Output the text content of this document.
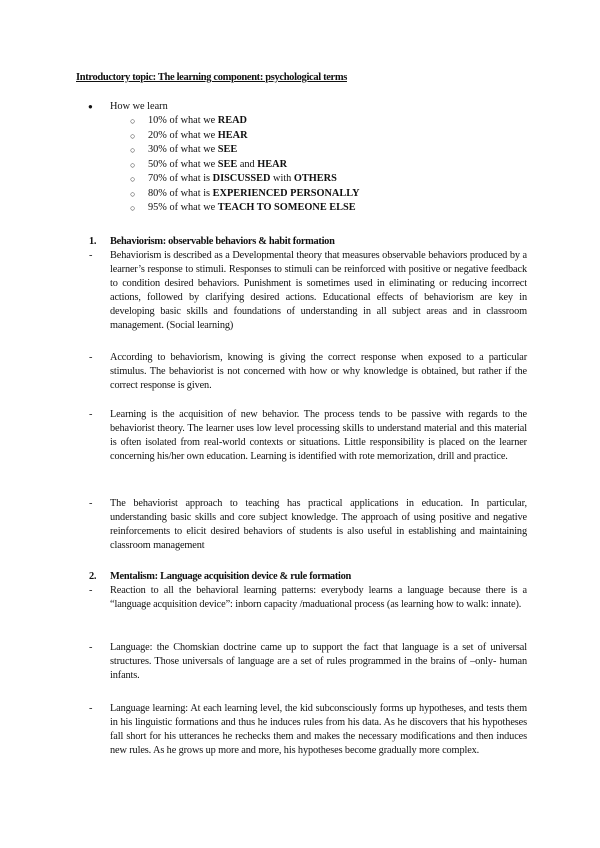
Introductory topic: The learning component: psychological terms

● How we learn
○ 10% of what we READ
○ 20% of what we HEAR
○ 30% of what we SEE
○ 50% of what we SEE and HEAR
○ 70% of what is DISCUSSED with OTHERS
○ 80% of what is EXPERIENCED PERSONALLY
○ 95% of what we TEACH TO SOMEONE ELSE
1. Behaviorism: observable behaviors & habit formation
- Behaviorism is described as a Developmental theory that measures observable behaviors produced by a learner’s response to stimuli. Responses to stimuli can be reinforced with positive or negative feedback to condition desired behaviors. Punishment is sometimes used in eliminating or reducing incorrect actions, followed by clarifying desired actions. Educational effects of behaviorism are key in developing basic skills and foundations of understanding in all subject areas and in classroom management. (Social learning)
- According to behaviorism, knowing is giving the correct response when exposed to a particular stimulus. The behaviorist is not concerned with how or why knowledge is obtained, but rather if the correct response is given.
- Learning is the acquisition of new behavior. The process tends to be passive with regards to the behaviorist theory. The learner uses low level processing skills to understand material and this material is often isolated from real-world contexts or situations. Little responsibility is placed on the learner concerning his/her own education. Learning is identified with rote memorization, drill and practice.
- The behaviorist approach to teaching has practical applications in education. In particular, understanding basic skills and core subject knowledge. The approach of using positive and negative reinforcements to elicit desired behaviors of students is also useful in establishing and maintaining classroom management
2. Mentalism: Language acquisition device & rule formation
- Reaction to all the behavioral learning patterns: everybody learns a language because there is a “language acquisition device”: inborn capacity /maduational process (as learning how to walk: innate).
- Language: the Chomskian doctrine came up to support the fact that language is a set of universal structures. Those universals of language are a set of rules programmed in the brains of –only- human infants.
- Language learning: At each learning level, the kid subconsciously forms up hypotheses, and tests them in his linguistic formations and thus he induces rules from his data. As he discovers that his hypotheses fall short for his utterances he rechecks them and makes the necessary modifications and then induces new rules. As he grows up more and more, his hypotheses become gradually more complex.
